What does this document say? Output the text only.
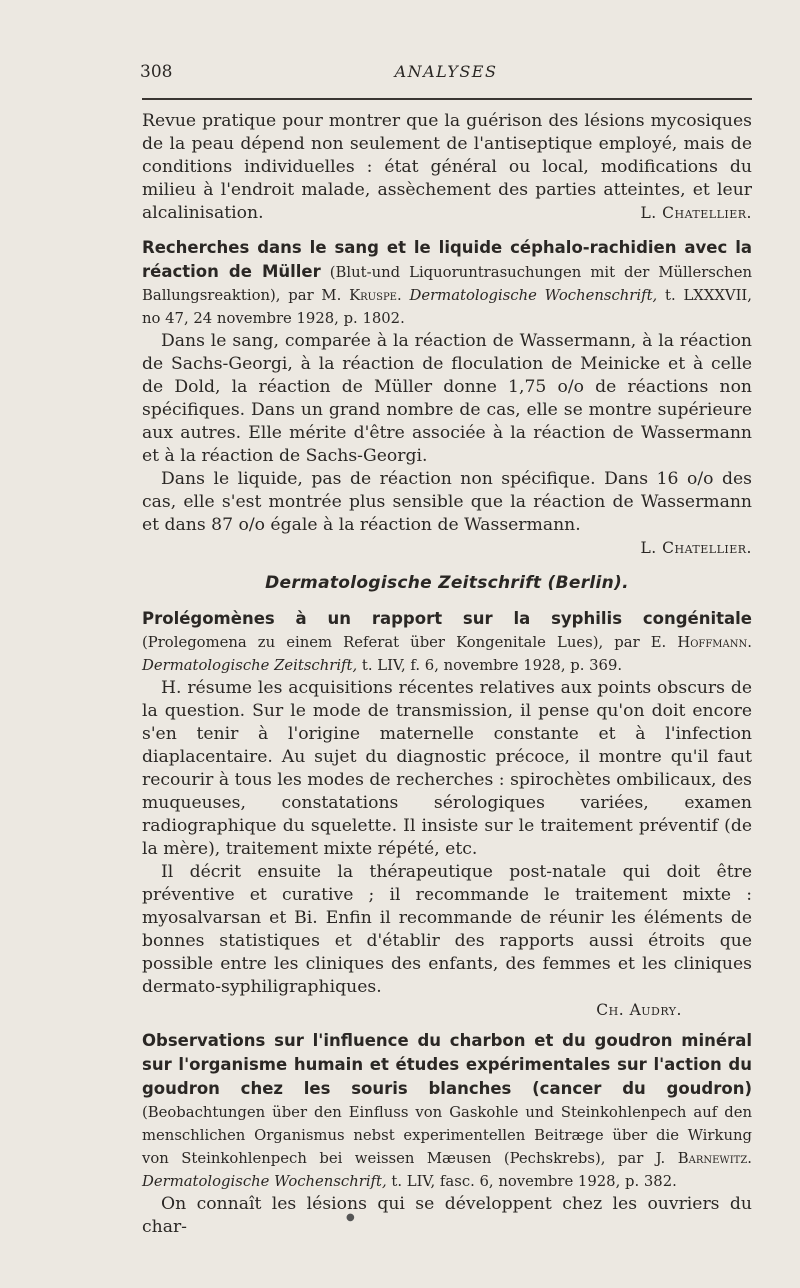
308	ANALYSES

Revue pratique pour montrer que la guérison des lésions mycosiques de la peau dépend non seulement de l'antiseptique employé, mais de conditions individuelles : état général ou local, modifications du milieu à l'endroit malade, assèchement des parties atteintes, et leur alcalinisation.	L. Chatellier.

Recherches dans le sang et le liquide céphalo-rachidien avec la réaction de Müller (Blut-und Liquoruntrasuchungen mit der Müllerschen Ballungsreaktion), par M. Kruspe. Dermatologische Wochenschrift, t. LXXXVII, no 47, 24 novembre 1928, p. 1802.

Dans le sang, comparée à la réaction de Wassermann, à la réaction de Sachs-Georgi, à la réaction de floculation de Meinicke et à celle de Dold, la réaction de Müller donne 1,75 o/o de réactions non spécifiques. Dans un grand nombre de cas, elle se montre supérieure aux autres. Elle mérite d'être associée à la réaction de Wassermann et à la réaction de Sachs-Georgi.

Dans le liquide, pas de réaction non spécifique. Dans 16 o/o des cas, elle s'est montrée plus sensible que la réaction de Wassermann et dans 87 o/o égale à la réaction de Wassermann.

L. Chatellier.
Dermatologische Zeitschrift (Berlin).

Prolégomènes à un rapport sur la syphilis congénitale (Prolegomena zu einem Referat über Kongenitale Lues), par E. Hoffmann. Dermatologische Zeitschrift, t. LIV, f. 6, novembre 1928, p. 369.

H. résume les acquisitions récentes relatives aux points obscurs de la question. Sur le mode de transmission, il pense qu'on doit encore s'en tenir à l'origine maternelle constante et à l'infection diaplacentaire. Au sujet du diagnostic précoce, il montre qu'il faut recourir à tous les modes de recherches : spirochètes ombilicaux, des muqueuses, constatations sérologiques variées, examen radiographique du squelette. Il insiste sur le traitement préventif (de la mère), traitement mixte répété, etc.

Il décrit ensuite la thérapeutique post-natale qui doit être préventive et curative ; il recommande le traitement mixte : myosalvarsan et Bi. Enfin il recommande de réunir les éléments de bonnes statistiques et d'établir des rapports aussi étroits que possible entre les cliniques des enfants, des femmes et les cliniques dermato-syphiligraphiques.

Ch. Audry.

Observations sur l'influence du charbon et du goudron minéral sur l'organisme humain et études expérimentales sur l'action du goudron chez les souris blanches (cancer du goudron) (Beobachtungen über den Einfluss von Gaskohle und Steinkohlenpech auf den menschlichen Organismus nebst experimentellen Beitræge über die Wirkung von Steinkohlenpech bei weissen Mæusen (Pechskrebs), par J. Barnewitz. Dermatologische Wochenschrift, t. LIV, fasc. 6, novembre 1928, p. 382.

On connaît les lésions qui se développent chez les ouvriers du char-	●
